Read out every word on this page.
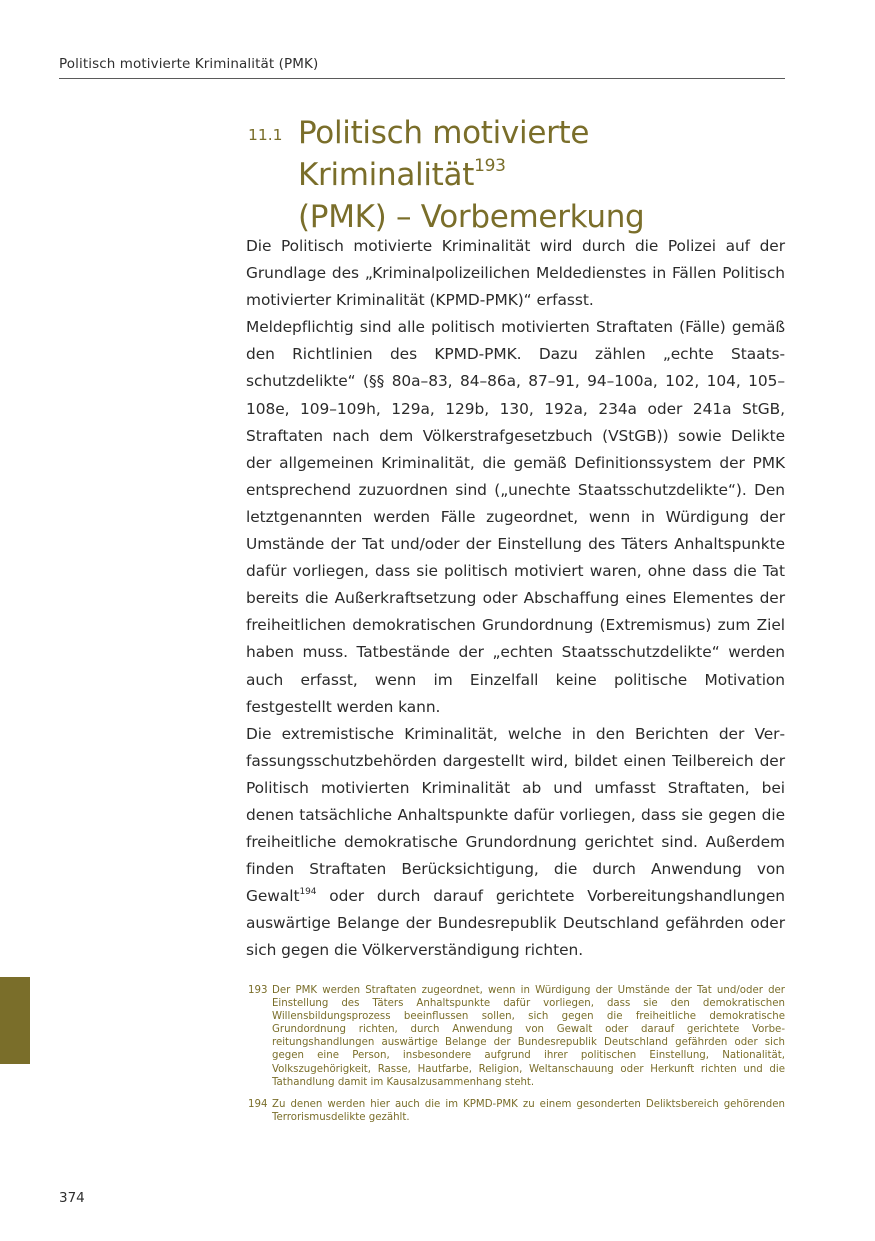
Politisch motivierte Kriminalität (PMK)
11.1 Politisch motivierte Kriminalität$^{193}$
(PMK) – Vorbemerkung

Die Politisch motivierte Kriminalität wird durch die Polizei auf der Grundlage des „Kriminalpolizeilichen Meldedienstes in Fällen Politisch motivierter Kriminalität (KPMD-PMK)“ erfasst.

Meldepflichtig sind alle politisch motivierten Straftaten (Fälle) gemäß den Richtlinien des KPMD-PMK. Dazu zählen „echte Staatsschutzdelikte“ (§§ 80a–83, 84–86a, 87–91, 94–100a, 102, 104, 105–108e, 109–109h, 129a, 129b, 130, 192a, 234a oder 241a StGB, Straftaten nach dem Völkerstrafgesetzbuch (VStGB)) sowie Delikte der allgemeinen Kriminalität, die gemäß Definitionssystem der PMK entsprechend zuzuordnen sind („unechte Staatsschutzdelikte“). Den letztgenannten werden Fälle zugeordnet, wenn in Würdigung der Umstände der Tat und/oder der Einstellung des Täters Anhaltspunkte dafür vorliegen, dass sie politisch motiviert waren, ohne dass die Tat bereits die Außerkraftsetzung oder Abschaffung eines Elementes der freiheitlichen demokratischen Grundordnung (Extremismus) zum Ziel haben muss. Tatbestände der „echten Staatsschutzdelikte“ werden auch erfasst, wenn im Einzelfall keine politische Motivation festgestellt werden kann.

Die extremistische Kriminalität, welche in den Berichten der Verfassungsschutzbehörden dargestellt wird, bildet einen Teilbereich der Politisch motivierten Kriminalität ab und umfasst Straftaten, bei denen tatsächliche Anhaltspunkte dafür vorliegen, dass sie gegen die freiheitliche demokratische Grundordnung gerichtet sind. Außerdem finden Straftaten Berücksichtigung, die durch Anwendung von Gewalt$^{194}$ oder durch darauf gerichtete Vorbereitungshandlungen auswärtige Belange der Bundesrepublik Deutschland gefährden oder sich gegen die Völkerverständigung richten.

193 Der PMK werden Straftaten zugeordnet, wenn in Würdigung der Umstände der Tat und/oder der Einstellung des Täters Anhaltspunkte dafür vorliegen, dass sie den demokratischen Willensbildungsprozess beeinflussen sollen, sich gegen die freiheitliche demokratische Grundordnung richten, durch Anwendung von Gewalt oder darauf gerichtete Vorbereitungshandlungen auswärtige Belange der Bundesrepublik Deutschland gefährden oder sich gegen eine Person, insbesondere aufgrund ihrer politischen Einstellung, Nationalität, Volkszugehörigkeit, Rasse, Hautfarbe, Religion, Weltanschauung oder Herkunft richten und die Tathandlung damit im Kausalzusammenhang steht.
194 Zu denen werden hier auch die im KPMD-PMK zu einem gesonderten Deliktsbereich gehörenden Terrorismusdelikte gezählt.
374
